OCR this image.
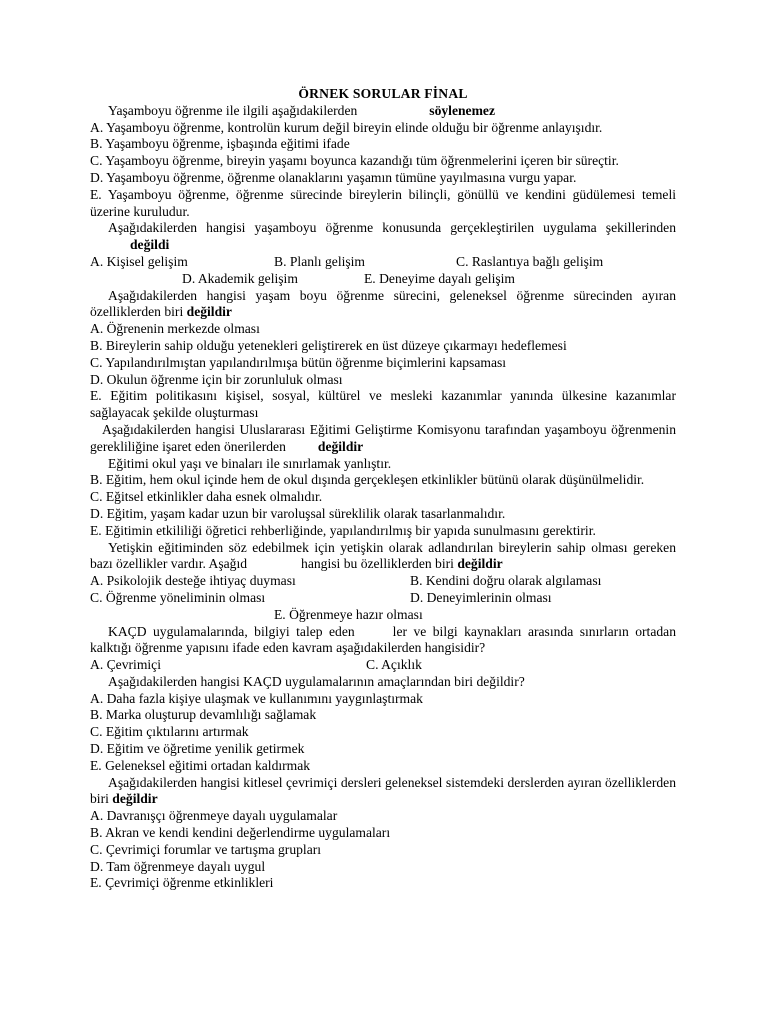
ÖRNEK SORULAR FİNAL
Yaşamboyu öğrenme ile ilgili aşağıdakilerden	söylenemez
A. Yaşamboyu öğrenme, kontrolün kurum değil bireyin elinde olduğu bir öğrenme anlayışıdır.
B. Yaşamboyu öğrenme, işbaşında eğitimi ifade
C. Yaşamboyu öğrenme, bireyin yaşamı boyunca kazandığı tüm öğrenmelerini içeren bir süreçtir.
D. Yaşamboyu öğrenme, öğrenme olanaklarını yaşamın tümüne yayılmasına vurgu yapar.
E. Yaşamboyu öğrenme, öğrenme sürecinde bireylerin bilinçli, gönüllü ve kendini güdülemesi temeli üzerine kuruludur.
Aşağıdakilerden hangisi yaşamboyu öğrenme konusunda gerçekleştirilen uygulama şekillerindendeğildi
A. Kişisel gelişim	B. Planlı gelişim	C. Raslantıya bağlı gelişim
D. Akademik gelişim	E. Deneyime dayalı gelişim
Aşağıdakilerden hangisi yaşam boyu öğrenme sürecini, geleneksel öğrenme sürecinden ayıran özelliklerden biri değildir
A. Öğrenenin merkezde olması
B. Bireylerin sahip olduğu yetenekleri geliştirerek en üst düzeye çıkarmayı hedeflemesi
C. Yapılandırılmıştan yapılandırılmışa bütün öğrenme biçimlerini kapsaması
D. Okulun öğrenme için bir zorunluluk olması
E. Eğitim politikasını kişisel, sosyal, kültürel ve mesleki kazanımlar yanında ülkesine kazanımlar sağlayacak şekilde oluşturması
Aşağıdakilerden hangisi Uluslararası Eğitimi Geliştirme Komisyonu tarafından yaşamboyu öğrenmenin gerekliliğine işaret eden önerilerden değildir
Eğitimi okul yaşı ve binaları ile sınırlamak yanlıştır.
B. Eğitim, hem okul içinde hem de okul dışında gerçekleşen etkinlikler bütünü olarak düşünülmelidir.
C. Eğitsel etkinlikler daha esnek olmalıdır.
D. Eğitim, yaşam kadar uzun bir varoluşsal süreklilik olarak tasarlanmalıdır.
E. Eğitimin etkililiği öğretici rehberliğinde, yapılandırılmış bir yapıda sunulmasını gerektirir.
Yetişkin eğitiminden söz edebilmek için yetişkin olarak adlandırılan bireylerin sahip olması gereken bazı özellikler vardır. Aşağıd	hangisi bu özelliklerden biri değildir
A. Psikolojik desteğe ihtiyaç duyması	B. Kendini doğru olarak algılaması
C. Öğrenme yöneliminin olması	D. Deneyimlerinin olması
E. Öğrenmeye hazır olması
KAÇD uygulamalarında, bilgiyi talep eden	ler ve bilgi kaynakları arasında sınırların ortadan kalktığı öğrenme yapısını ifade eden kavram aşağıdakilerden hangisidir?
A. Çevrimiçi	C. Açıklık
Aşağıdakilerden hangisi KAÇD uygulamalarının amaçlarından biri değildir?
A. Daha fazla kişiye ulaşmak ve kullanımını yaygınlaştırmak
B. Marka oluşturup devamlılığı sağlamak
C. Eğitim çıktılarını artırmak
D. Eğitim ve öğretime yenilik getirmek
E. Geleneksel eğitimi ortadan kaldırmak
Aşağıdakilerden hangisi kitlesel çevrimiçi dersleri geleneksel sistemdeki derslerden ayıran özelliklerden biri değildir
A. Davranışçı öğrenmeye dayalı uygulamalar
B. Akran ve kendi kendini değerlendirme uygulamaları
C. Çevrimiçi forumlar ve tartışma grupları
D. Tam öğrenmeye dayalı uygul
E. Çevrimiçi öğrenme etkinlikleri
